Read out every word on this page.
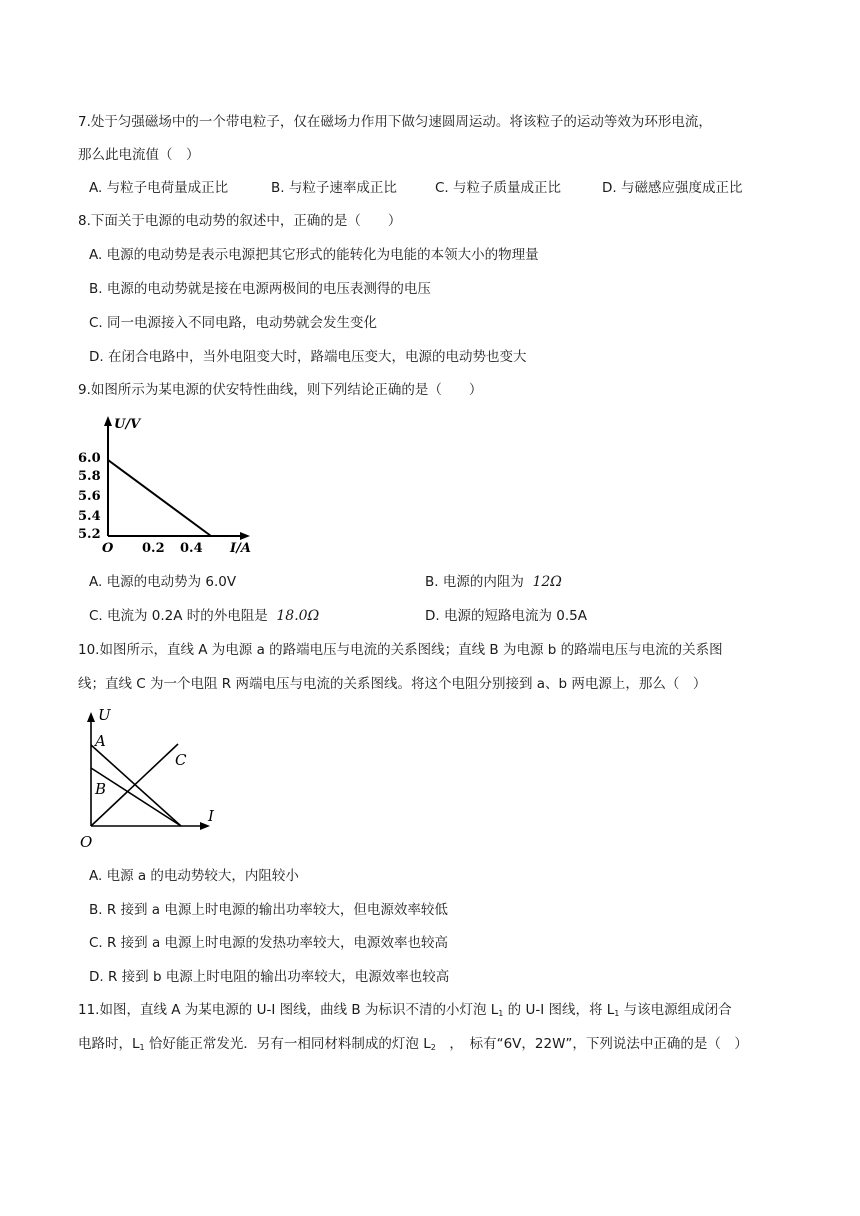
7.处于匀强磁场中的一个带电粒子，仅在磁场力作用下做匀速圆周运动。将该粒子的运动等效为环形电流，
那么此电流值（　）
A. 与粒子电荷量成正比	B. 与粒子速率成正比	C. 与粒子质量成正比	D. 与磁感应强度成正比
8.下面关于电源的电动势的叙述中，正确的是（　　）
A. 电源的电动势是表示电源把其它形式的能转化为电能的本领大小的物理量
B. 电源的电动势就是接在电源两极间的电压表测得的电压
C. 同一电源接入不同电路，电动势就会发生变化
D. 在闭合电路中，当外电阻变大时，路端电压变大，电源的电动势也变大
9.如图所示为某电源的伏安特性曲线，则下列结论正确的是（　　）
U/V
6.0
5.8
5.6
5.4
5.2
O 0.2 0.4 I/A
A. 电源的电动势为 6.0V	B. 电源的内阻为 12Ω
C. 电流为 0.2A 时的外电阻是 18.0Ω	D. 电源的短路电流为 0.5A
10.如图所示，直线 A 为电源 a 的路端电压与电流的关系图线；直线 B 为电源 b 的路端电压与电流的关系图
线；直线 C 为一个电阻 R 两端电压与电流的关系图线。将这个电阻分别接到 a、b 两电源上，那么（　）
U
A
B
C
I
O
A. 电源 a 的电动势较大，内阻较小
B. R 接到 a 电源上时电源的输出功率较大，但电源效率较低
C. R 接到 a 电源上时电源的发热功率较大，电源效率也较高
D. R 接到 b 电源上时电阻的输出功率较大，电源效率也较高
11.如图，直线 A 为某电源的 U-I 图线，曲线 B 为标识不清的小灯泡 $L_1$ 的 U-I 图线，将 $L_1$ 与该电源组成闭合
电路时，$L_1$ 恰好能正常发光．另有一相同材料制成的灯泡 $L_2$　，　标有“6V，22W”，下列说法中正确的是（　）
